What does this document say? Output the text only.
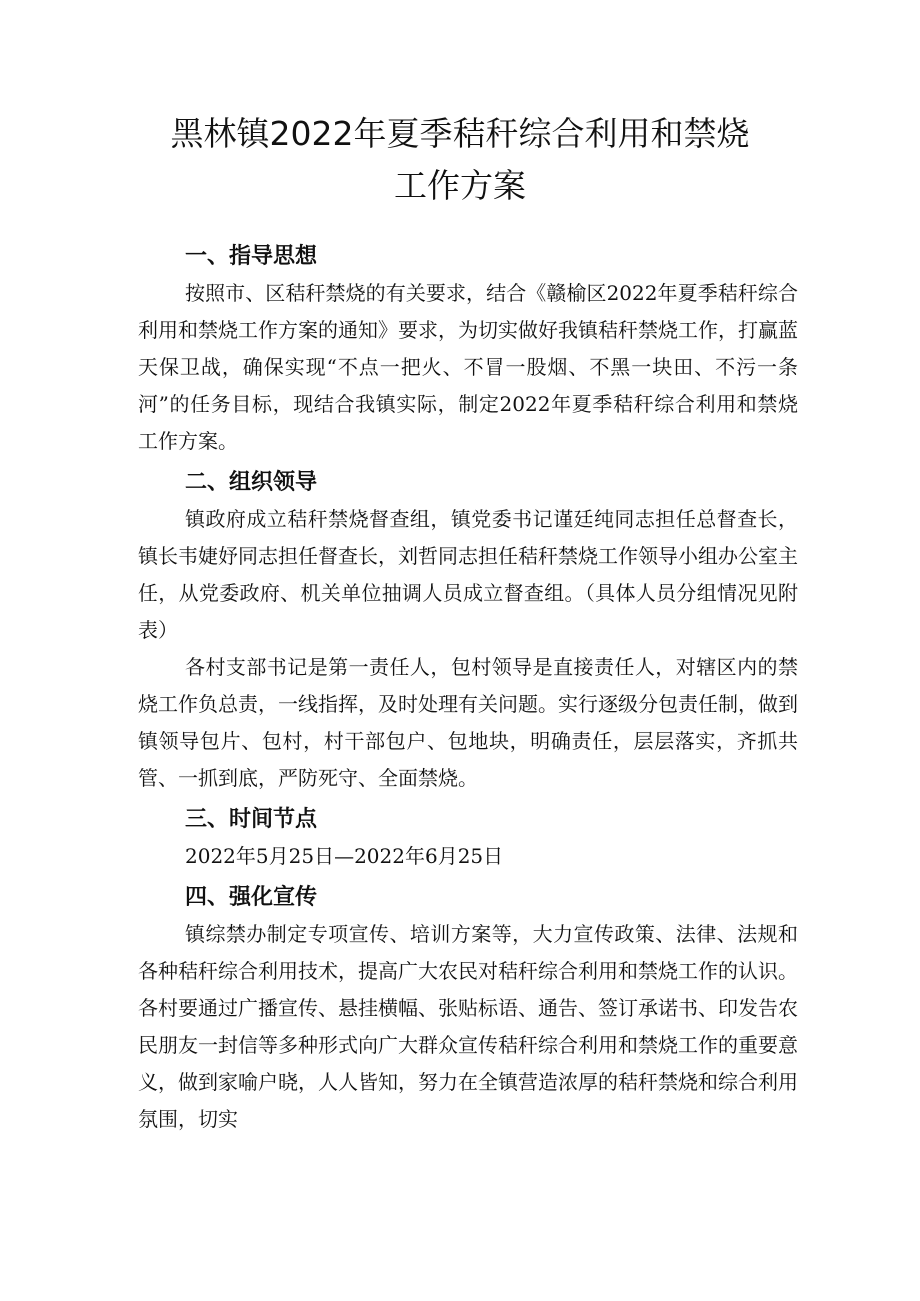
黑林镇2022年夏季秸秆综合利用和禁烧
工作方案
一、指导思想

按照市、区秸秆禁烧的有关要求，结合《赣榆区2022年夏季秸秆综合利用和禁烧工作方案的通知》要求，为切实做好我镇秸秆禁烧工作，打赢蓝天保卫战，确保实现“不点一把火、不冒一股烟、不黑一块田、不污一条河”的任务目标，现结合我镇实际，制定2022年夏季秸秆综合利用和禁烧工作方案。

二、组织领导

镇政府成立秸秆禁烧督查组，镇党委书记谨廷纯同志担任总督查长，镇长韦婕妤同志担任督查长，刘哲同志担任秸秆禁烧工作领导小组办公室主任，从党委政府、机关单位抽调人员成立督查组。（具体人员分组情况见附表）

各村支部书记是第一责任人，包村领导是直接责任人，对辖区内的禁烧工作负总责，一线指挥，及时处理有关问题。实行逐级分包责任制，做到镇领导包片、包村，村干部包户、包地块，明确责任，层层落实，齐抓共管、一抓到底，严防死守、全面禁烧。

三、时间节点

2022年5月25日—2022年6月25日

四、强化宣传

镇综禁办制定专项宣传、培训方案等，大力宣传政策、法律、法规和各种秸秆综合利用技术，提高广大农民对秸秆综合利用和禁烧工作的认识。各村要通过广播宣传、悬挂横幅、张贴标语、通告、签订承诺书、印发告农民朋友一封信等多种形式向广大群众宣传秸秆综合利用和禁烧工作的重要意义，做到家喻户晓，人人皆知，努力在全镇营造浓厚的秸秆禁烧和综合利用氛围，切实
